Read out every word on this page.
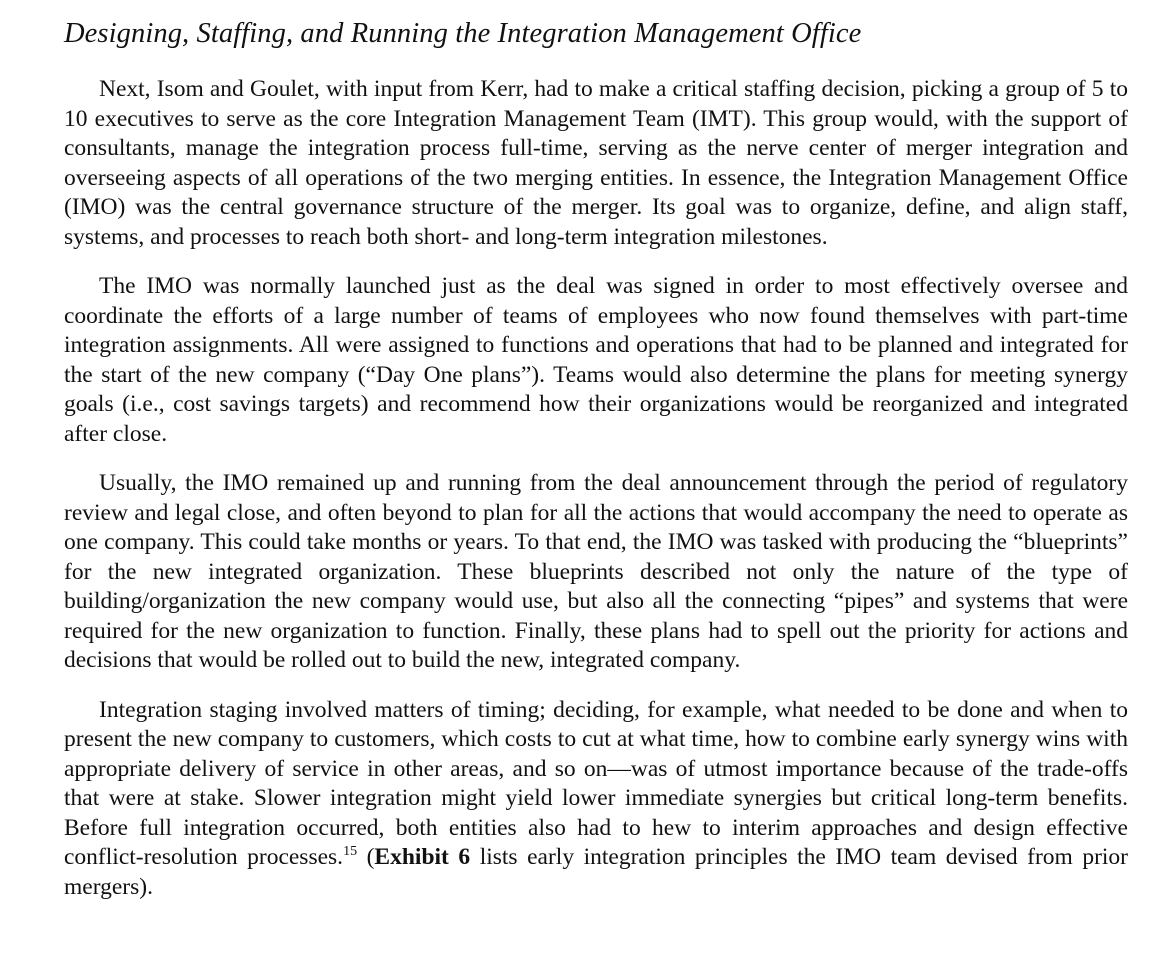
Designing, Staffing, and Running the Integration Management Office

Next, Isom and Goulet, with input from Kerr, had to make a critical staffing decision, picking a group of 5 to 10 executives to serve as the core Integration Management Team (IMT). This group would, with the support of consultants, manage the integration process full-time, serving as the nerve center of merger integration and overseeing aspects of all operations of the two merging entities. In essence, the Integration Management Office (IMO) was the central governance structure of the merger. Its goal was to organize, define, and align staff, systems, and processes to reach both short- and long-term integration milestones.

The IMO was normally launched just as the deal was signed in order to most effectively oversee and coordinate the efforts of a large number of teams of employees who now found themselves with part-time integration assignments. All were assigned to functions and operations that had to be planned and integrated for the start of the new company (“Day One plans”). Teams would also determine the plans for meeting synergy goals (i.e., cost savings targets) and recommend how their organizations would be reorganized and integrated after close.

Usually, the IMO remained up and running from the deal announcement through the period of regulatory review and legal close, and often beyond to plan for all the actions that would accompany the need to operate as one company. This could take months or years. To that end, the IMO was tasked with producing the “blueprints” for the new integrated organization. These blueprints described not only the nature of the type of building/organization the new company would use, but also all the connecting “pipes” and systems that were required for the new organization to function. Finally, these plans had to spell out the priority for actions and decisions that would be rolled out to build the new, integrated company.

Integration staging involved matters of timing; deciding, for example, what needed to be done and when to present the new company to customers, which costs to cut at what time, how to combine early synergy wins with appropriate delivery of service in other areas, and so on—was of utmost importance because of the trade-offs that were at stake. Slower integration might yield lower immediate synergies but critical long-term benefits. Before full integration occurred, both entities also had to hew to interim approaches and design effective conflict-resolution processes.$^{15}$ (Exhibit 6 lists early integration principles the IMO team devised from prior mergers).
